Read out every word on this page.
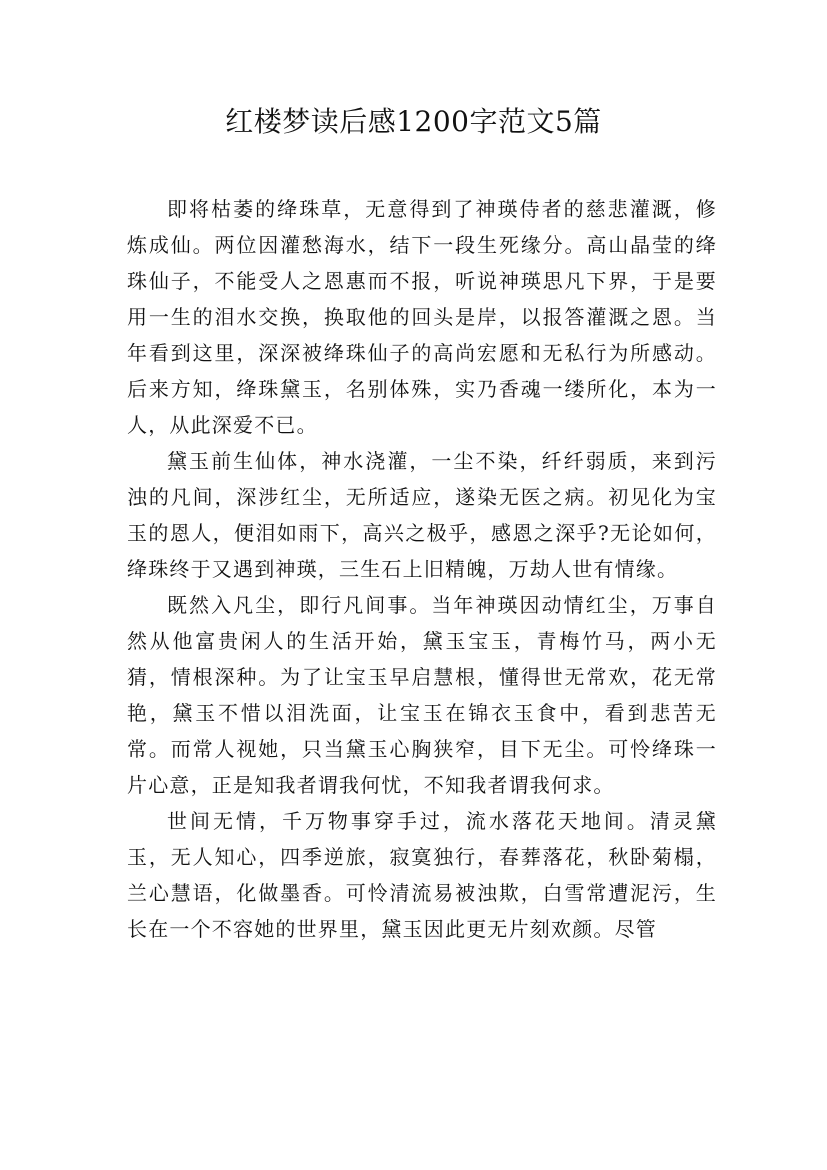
红楼梦读后感1200字范文5篇

即将枯萎的绛珠草，无意得到了神瑛侍者的慈悲灌溉，修炼成仙。两位因灌愁海水，结下一段生死缘分。高山晶莹的绛珠仙子，不能受人之恩惠而不报，听说神瑛思凡下界，于是要用一生的泪水交换，换取他的回头是岸，以报答灌溉之恩。当年看到这里，深深被绛珠仙子的高尚宏愿和无私行为所感动。后来方知，绛珠黛玉，名别体殊，实乃香魂一缕所化，本为一人，从此深爱不已。

黛玉前生仙体，神水浇灌，一尘不染，纤纤弱质，来到污浊的凡间，深涉红尘，无所适应，遂染无医之病。初见化为宝玉的恩人，便泪如雨下，高兴之极乎，感恩之深乎?无论如何，绛珠终于又遇到神瑛，三生石上旧精魄，万劫人世有情缘。

既然入凡尘，即行凡间事。当年神瑛因动情红尘，万事自然从他富贵闲人的生活开始，黛玉宝玉，青梅竹马，两小无猜，情根深种。为了让宝玉早启慧根，懂得世无常欢，花无常艳，黛玉不惜以泪洗面，让宝玉在锦衣玉食中，看到悲苦无常。而常人视她，只当黛玉心胸狭窄，目下无尘。可怜绛珠一片心意，正是知我者谓我何忧，不知我者谓我何求。

世间无情，千万物事穿手过，流水落花天地间。清灵黛玉，无人知心，四季逆旅，寂寞独行，春葬落花，秋卧菊榻，兰心慧语，化做墨香。可怜清流易被浊欺，白雪常遭泥污，生长在一个不容她的世界里，黛玉因此更无片刻欢颜。尽管
